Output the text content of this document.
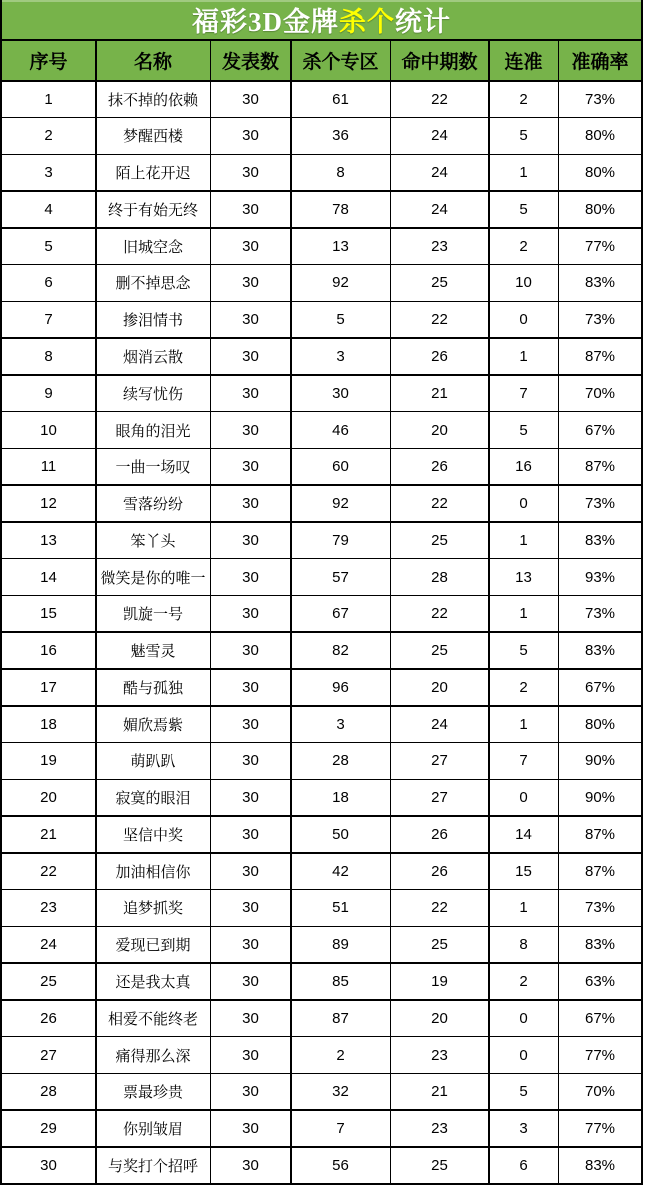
福彩3D金牌 杀个 统计
序号	名称	发表数	杀个专区	命中期数	连准	准确率
1	抹不掉的依赖	30	61	22	2	73%
2	梦醒西楼	30	36	24	5	80%
3	陌上花开迟	30	8	24	1	80%
4	终于有始无终	30	78	24	5	80%
5	旧城空念	30	13	23	2	77%
6	删不掉思念	30	92	25	10	83%
7	掺泪情书	30	5	22	0	73%
8	烟消云散	30	3	26	1	87%
9	续写忧伤	30	30	21	7	70%
10	眼角的泪光	30	46	20	5	67%
11	一曲一场叹	30	60	26	16	87%
12	雪落纷纷	30	92	22	0	73%
13	笨丫头	30	79	25	1	83%
14	微笑是你的唯一	30	57	28	13	93%
15	凯旋一号	30	67	22	1	73%
16	魅雪灵	30	82	25	5	83%
17	酷与孤独	30	96	20	2	67%
18	媚欣焉紫	30	3	24	1	80%
19	萌趴趴	30	28	27	7	90%
20	寂寞的眼泪	30	18	27	0	90%
21	坚信中奖	30	50	26	14	87%
22	加油相信你	30	42	26	15	87%
23	追梦抓奖	30	51	22	1	73%
24	爱现已到期	30	89	25	8	83%
25	还是我太真	30	85	19	2	63%
26	相爱不能终老	30	87	20	0	67%
27	痛得那么深	30	2	23	0	77%
28	票最珍贵	30	32	21	5	70%
29	你别皱眉	30	7	23	3	77%
30	与奖打个招呼	30	56	25	6	83%
